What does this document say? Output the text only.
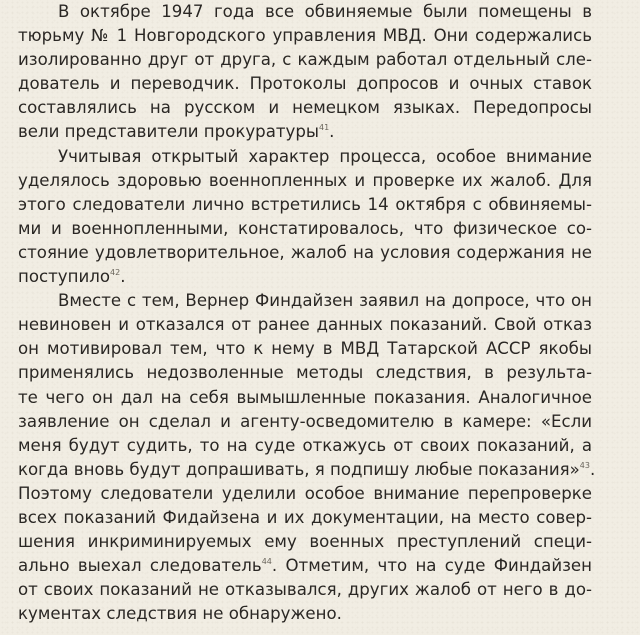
В октябре 1947 года все обвиняемые были помещены в
тюрьму № 1 Новгородского управления МВД. Они содержались
изолированно друг от друга, с каждым работал отдельный сле-
дователь и переводчик. Протоколы допросов и очных ставок
составлялись на русском и немецком языках. Передопросы
вели представители прокуратуры$^{41}$.
Учитывая открытый характер процесса, особое внимание
уделялось здоровью военнопленных и проверке их жалоб. Для
этого следователи лично встретились 14 октября с обвиняемы-
ми и военнопленными, констатировалось, что физическое со-
стояние удовлетворительное, жалоб на условия содержания не
поступило$^{42}$.
Вместе с тем, Вернер Финдайзен заявил на допросе, что он
невиновен и отказался от ранее данных показаний. Свой отказ
он мотивировал тем, что к нему в МВД Татарской АССР якобы
применялись недозволенные методы следствия, в результа-
те чего он дал на себя вымышленные показания. Аналогичное
заявление он сделал и агенту-осведомителю в камере: «Если
меня будут судить, то на суде откажусь от своих показаний, а
когда вновь будут допрашивать, я подпишу любые показания»$^{43}$.
Поэтому следователи уделили особое внимание перепроверке
всех показаний Фидайзена и их документации, на место совер-
шения инкриминируемых ему военных преступлений специ-
ально выехал следователь$^{44}$. Отметим, что на суде Финдайзен
от своих показаний не отказывался, других жалоб от него в до-
кументах следствия не обнаружено.
